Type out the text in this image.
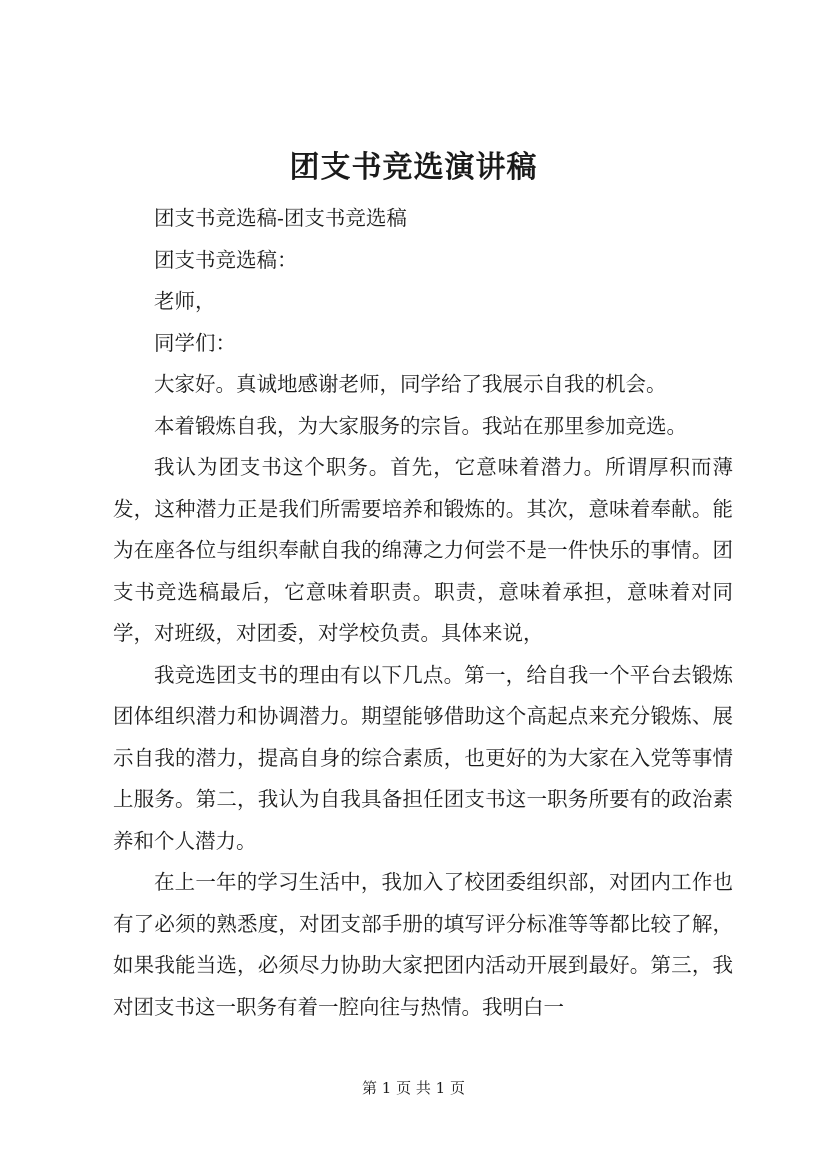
团支书竞选演讲稿

团支书竞选稿-团支书竞选稿

团支书竞选稿：

老师，

同学们：

大家好。真诚地感谢老师，同学给了我展示自我的机会。

本着锻炼自我，为大家服务的宗旨。我站在那里参加竞选。

我认为团支书这个职务。首先，它意味着潜力。所谓厚积而薄发，这种潜力正是我们所需要培养和锻炼的。其次，意味着奉献。能为在座各位与组织奉献自我的绵薄之力何尝不是一件快乐的事情。团支书竞选稿最后，它意味着职责。职责，意味着承担，意味着对同学，对班级，对团委，对学校负责。具体来说，

我竞选团支书的理由有以下几点。第一，给自我一个平台去锻炼团体组织潜力和协调潜力。期望能够借助这个高起点来充分锻炼、展示自我的潜力，提高自身的综合素质，也更好的为大家在入党等事情上服务。第二，我认为自我具备担任团支书这一职务所要有的政治素养和个人潜力。

在上一年的学习生活中，我加入了校团委组织部，对团内工作也有了必须的熟悉度，对团支部手册的填写评分标准等等都比较了解，如果我能当选，必须尽力协助大家把团内活动开展到最好。第三，我对团支书这一职务有着一腔向往与热情。我明白一

第 1 页 共 1 页
